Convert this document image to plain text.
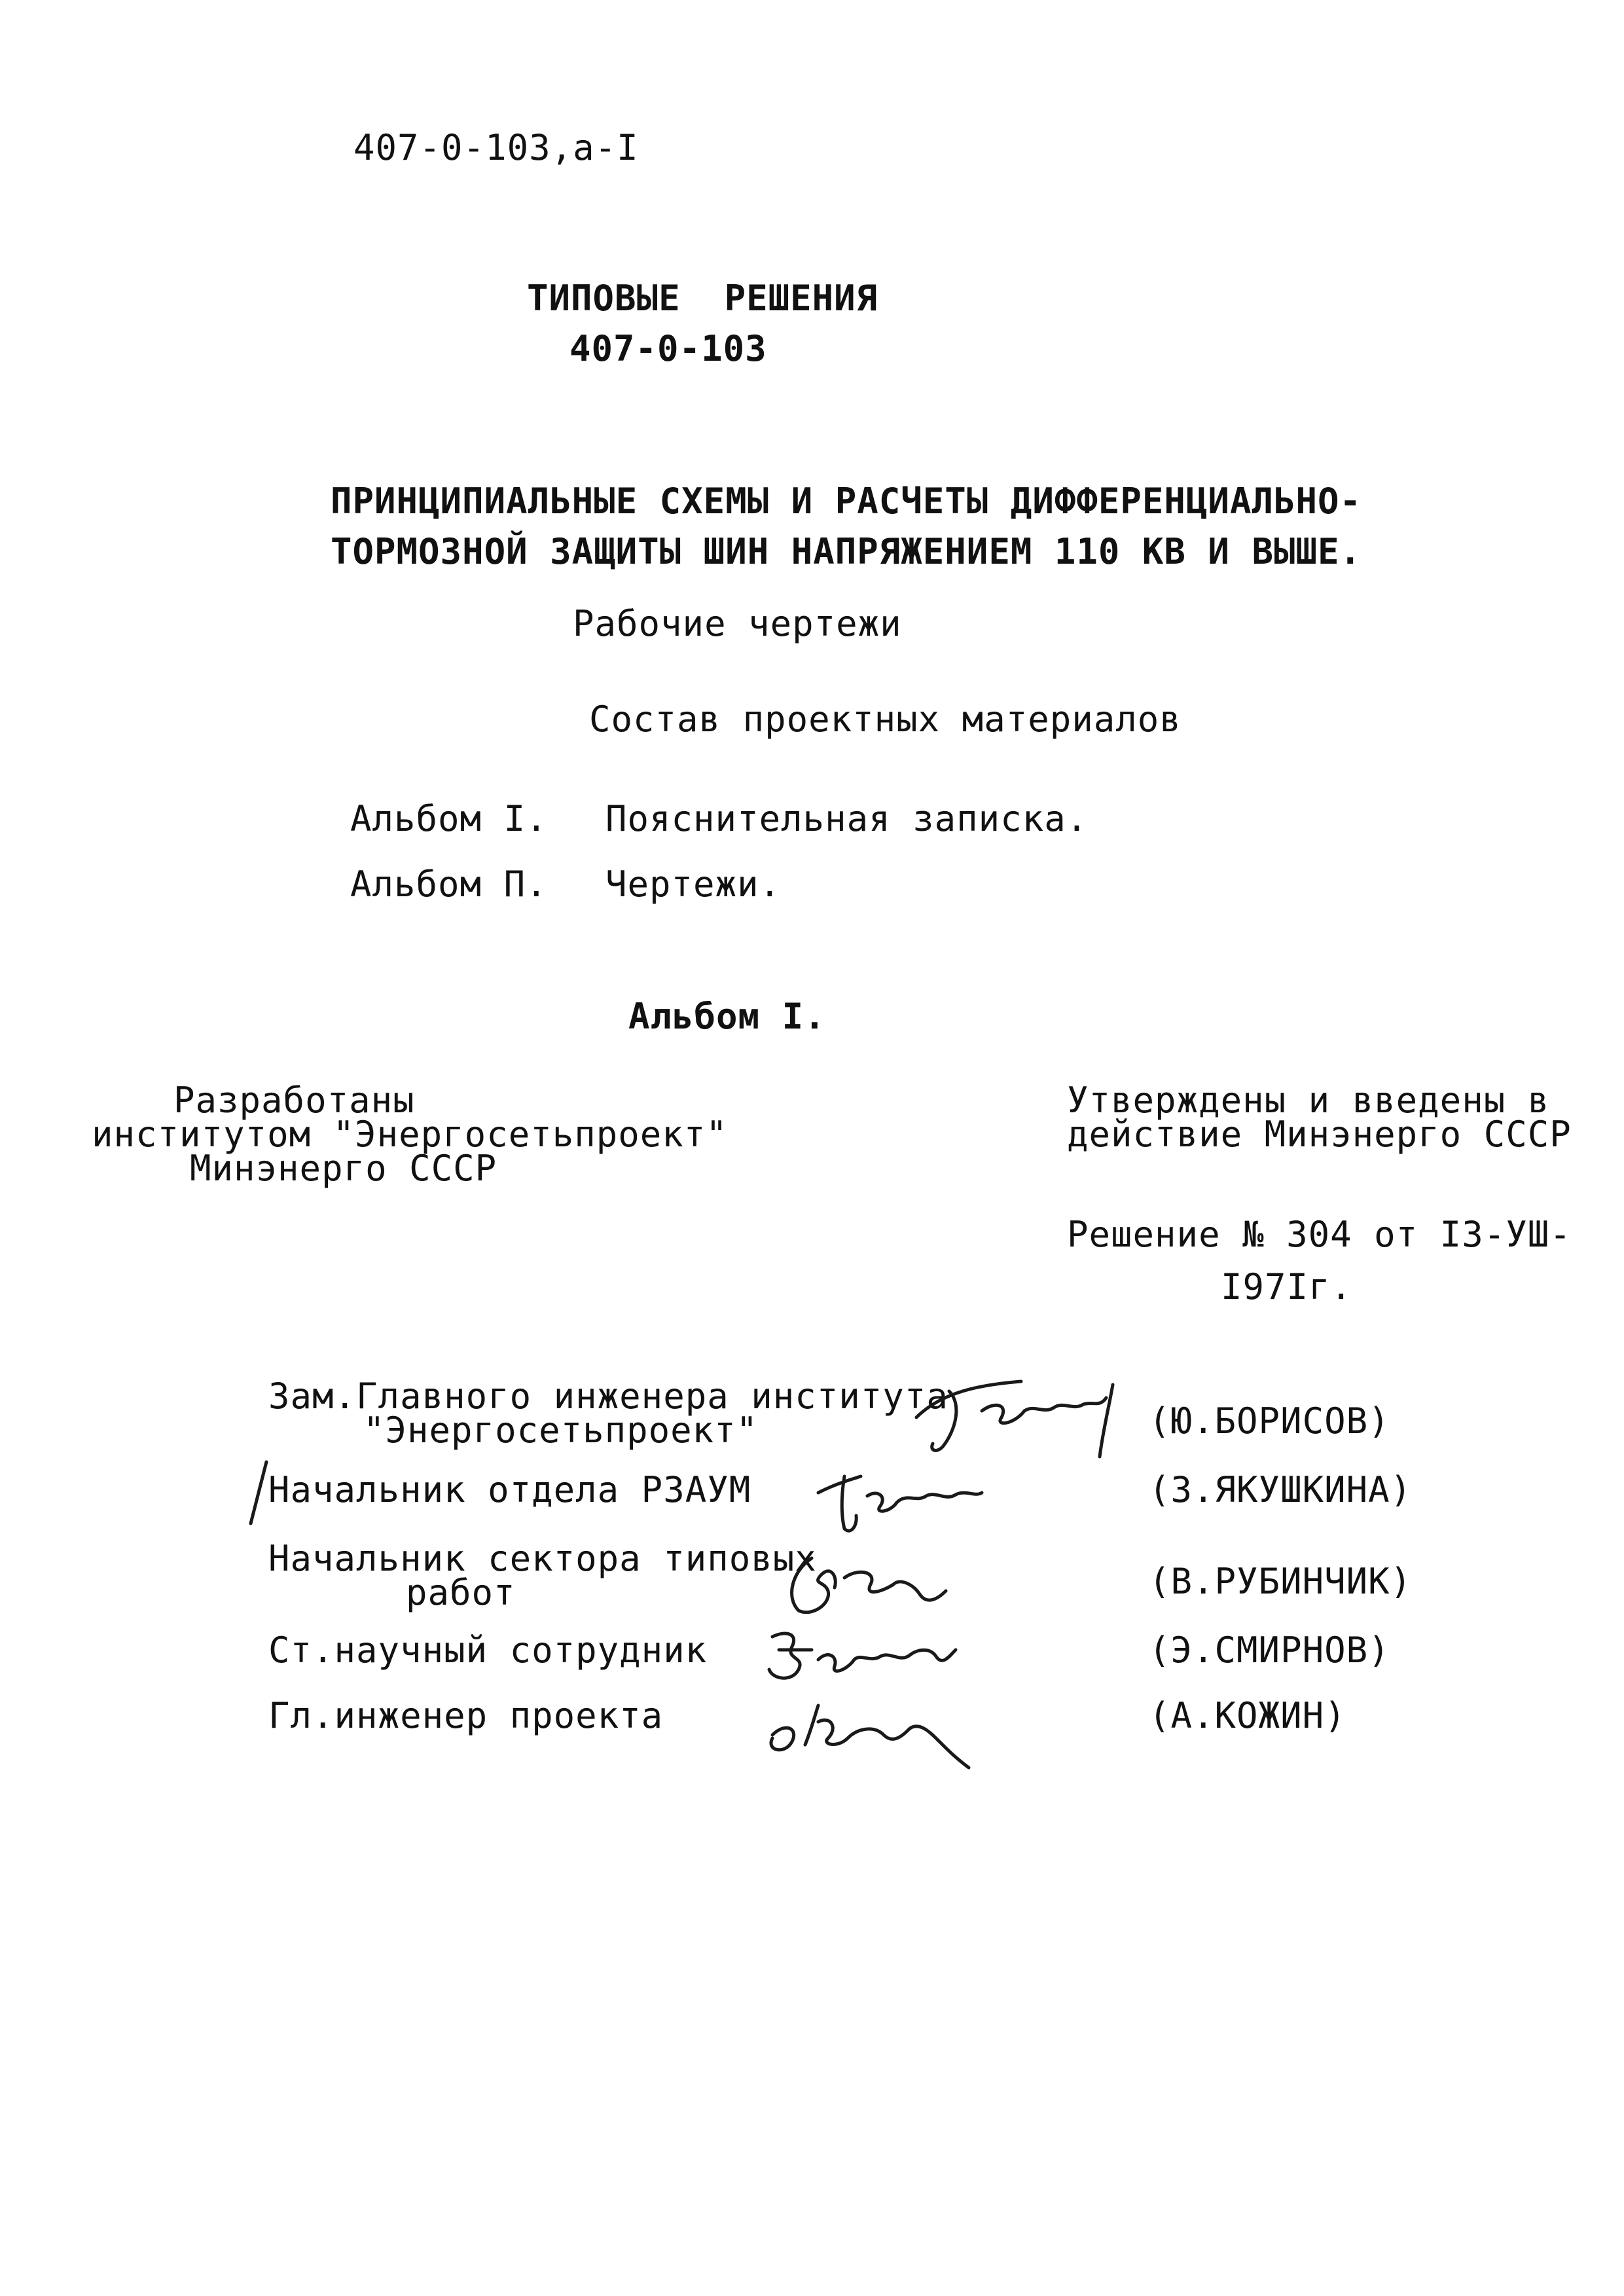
407-0-103,а-I
ТИПОВЫЕ  РЕШЕНИЯ
407-0-103
ПРИНЦИПИАЛЬНЫЕ СХЕМЫ И РАСЧЕТЫ ДИФФЕРЕНЦИАЛЬНО-
ТОРМОЗНОЙ ЗАЩИТЫ ШИН НАПРЯЖЕНИЕМ 110 КВ И ВЫШЕ.
Рабочие чертежи
Состав проектных материалов
Альбом I. Пояснительная записка.
Альбом П. Чертежи.
Альбом I.
Разработаны
институтом "Энергосетьпроект"
Минэнерго СССР
Утверждены и введены в
действие Минэнерго СССР
Решение № 304 от I3-УШ-
I97Iг.
Зам.Главного инженера института
"Энергосетьпроект"	(Ю.БОРИСОВ)
Начальник отдела РЗАУМ	(З.ЯКУШКИНА)
Начальник сектора типовых
работ	(В.РУБИНЧИК)
Ст.научный сотрудник	(Э.СМИРНОВ)
Гл.инженер проекта	(А.КОЖИН)
